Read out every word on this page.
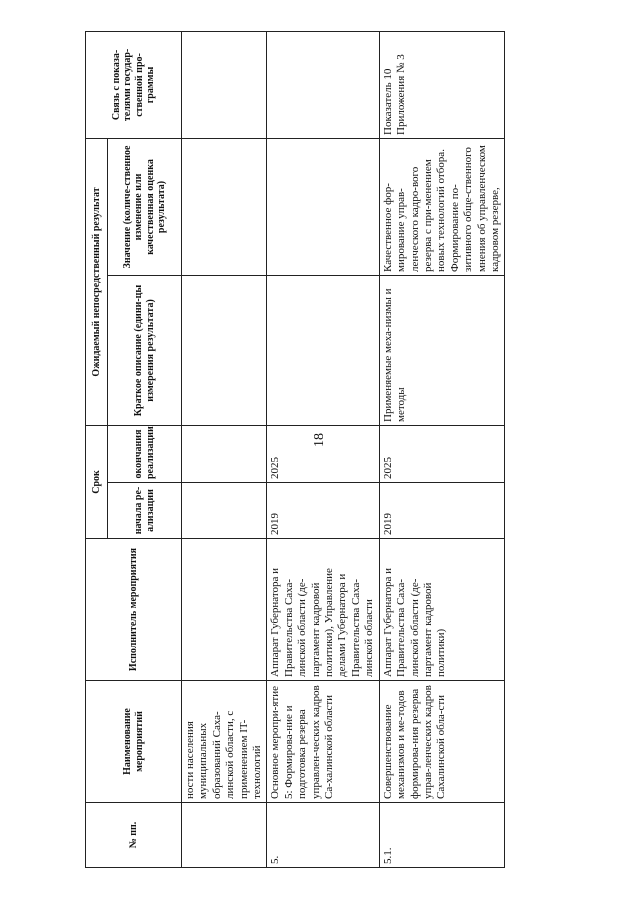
18
№ пп.	Наименование мероприятий	Исполнитель мероприятия	Срок		Ожидаемый непосредственный результат		Связь с показа-телями государ-ственной про-граммы
			начала ре-ализации	окончания реализации	Краткое описание (едини-цы измерения результата)	Значение (количе-ственное изменение или качественная оценка результата)	
	ности населения муниципальных образований Саха-линской области, с применением IT-технологий						
5.	Основное меропри-ятие 5: Формирова-ние и подготовка резерва управлен-ческих кадров Са-халинской области	Аппарат Губернатора и Правительства Саха-линской области (де-партамент кадровой политики), Управление делами Губернатора и Правительства Саха-линской области	2019	2025			
5.1.	Совершенствование механизмов и ме-тодов формирова-ния резерва управ-ленческих кадров Сахалинской обла-сти	Аппарат Губернатора и Правительства Саха-линской области (де-партамент кадровой политики)	2019	2025	Применяемые меха-низмы и методы	Качественное фор-мирование управ-ленческого кадро-вого резерва с при-менением новых технологий отбора. Формирование по-зитивного обще-ственного мнения об управленческом кадровом резерве,	Показатель 10 Приложения № 3
